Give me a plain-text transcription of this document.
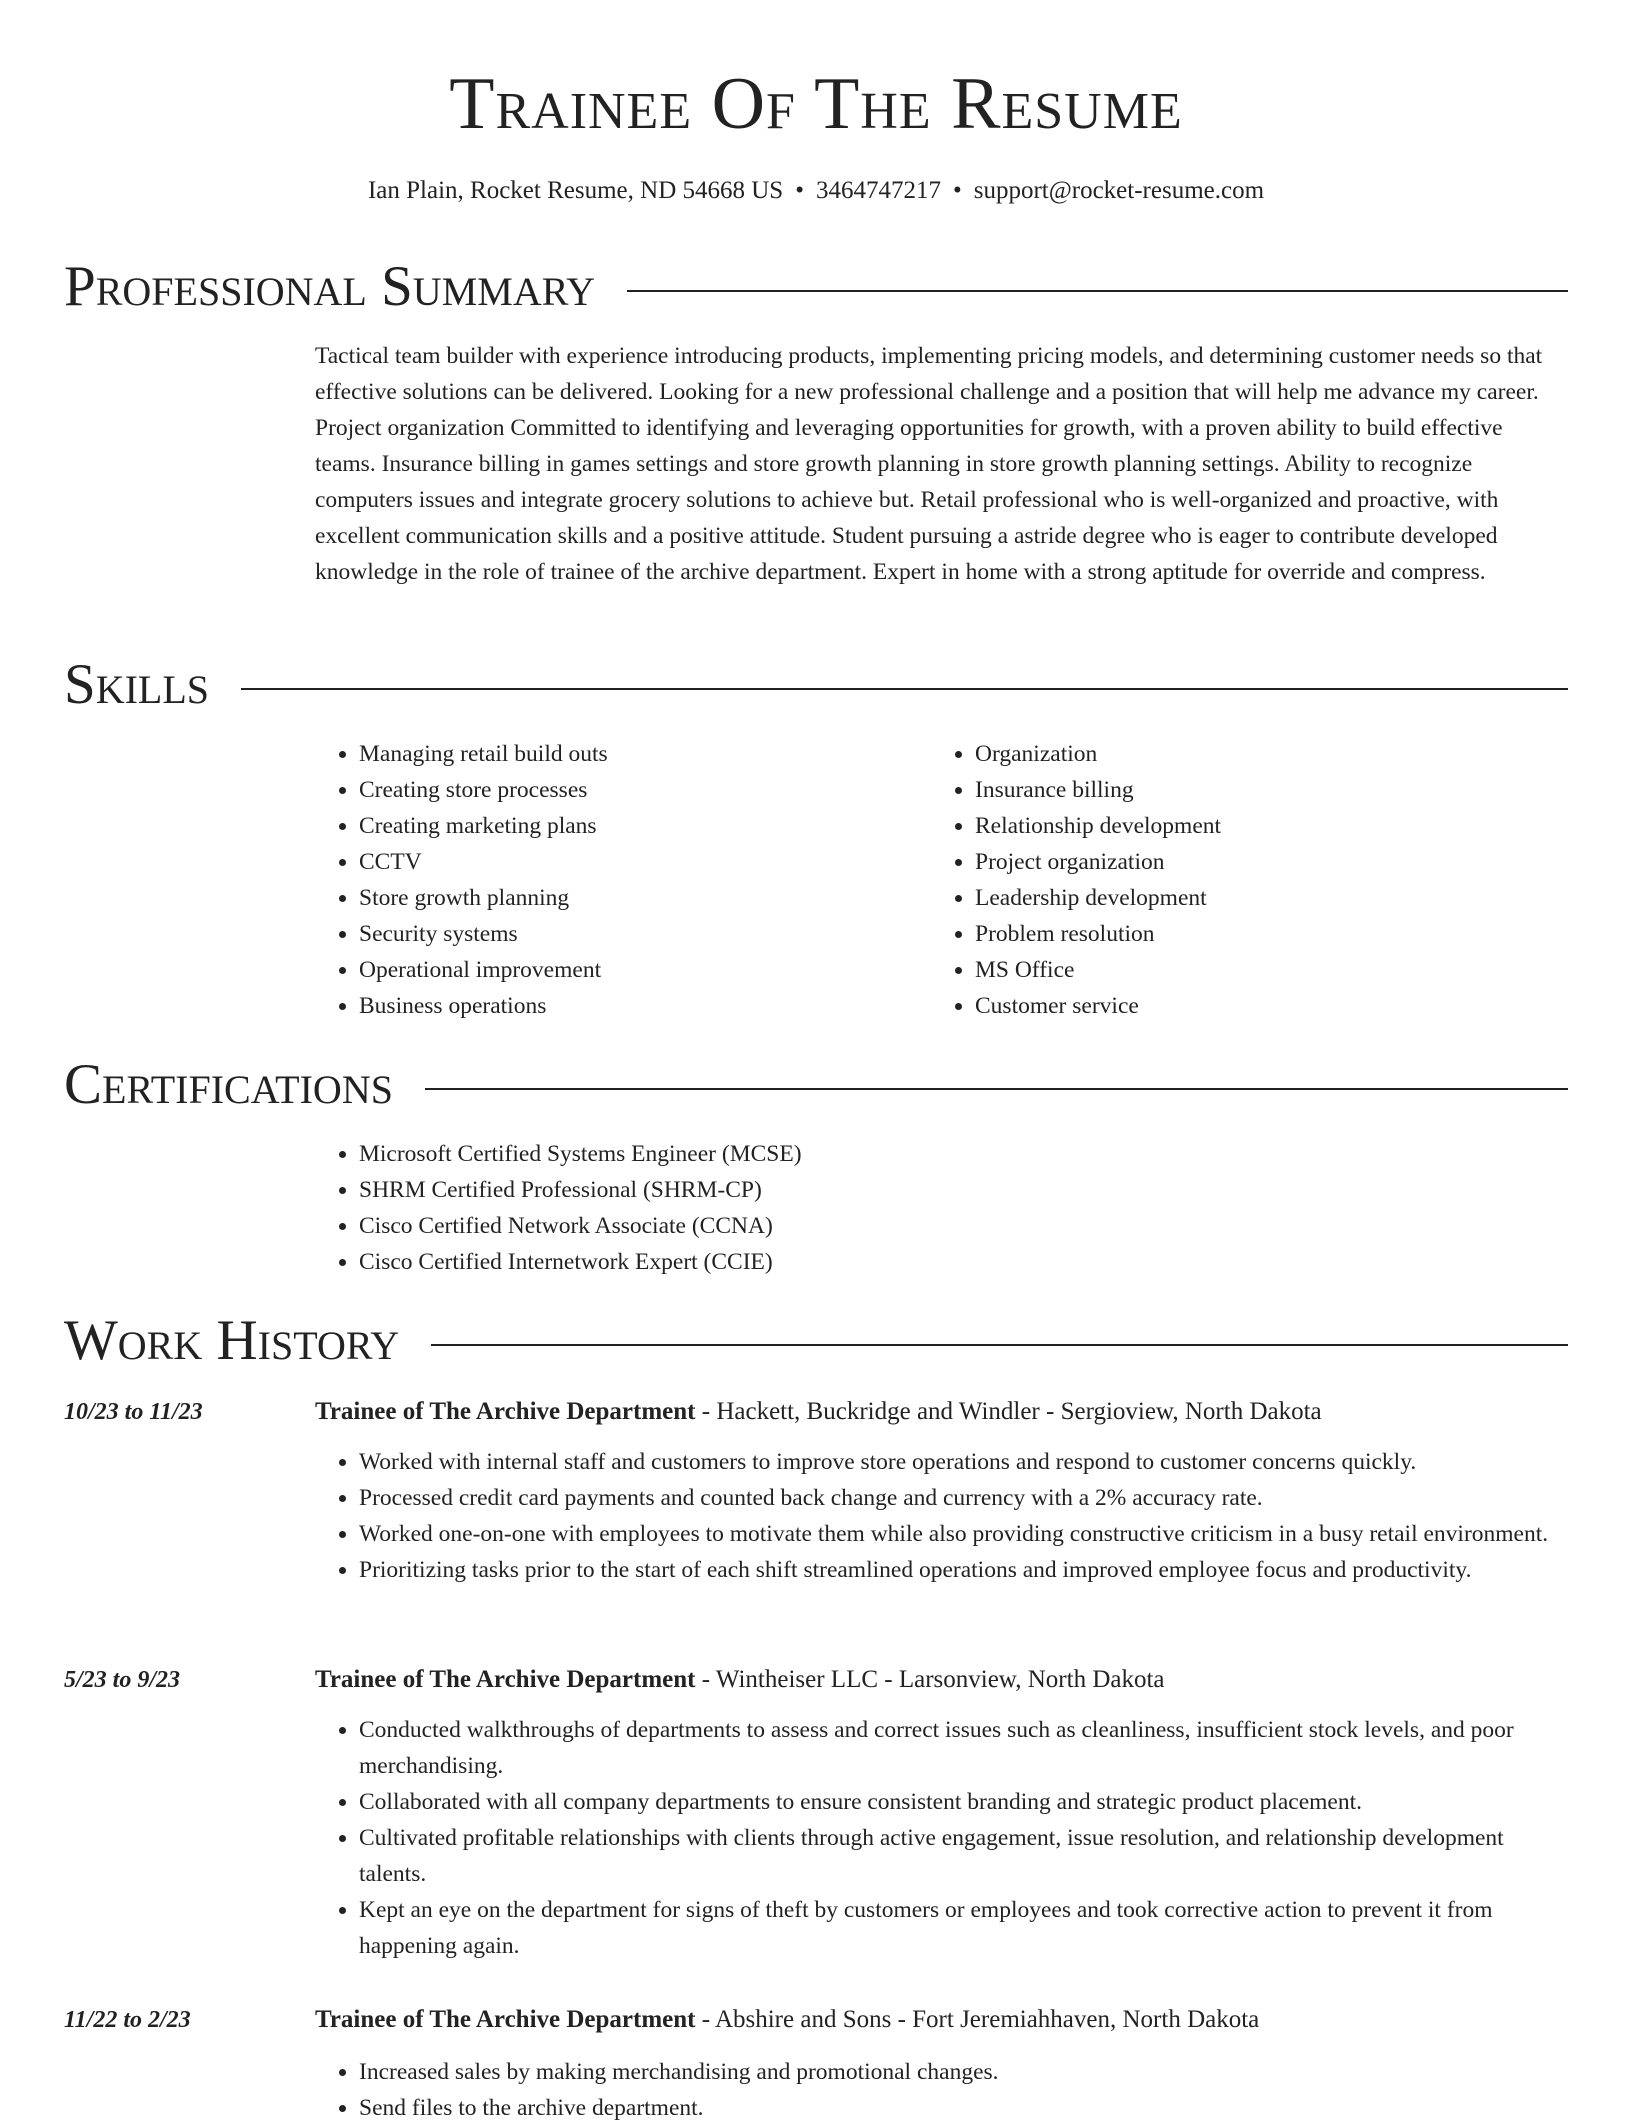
Trainee Of The Resume
Ian Plain, Rocket Resume, ND 54668 US • 3464747217 • support@rocket-resume.com
Professional Summary

Tactical team builder with experience introducing products, implementing pricing models, and determining customer needs so that effective solutions can be delivered. Looking for a new professional challenge and a position that will help me advance my career. Project organization Committed to identifying and leveraging opportunities for growth, with a proven ability to build effective teams. Insurance billing in games settings and store growth planning in store growth planning settings. Ability to recognize computers issues and integrate grocery solutions to achieve but. Retail professional who is well-organized and proactive, with excellent communication skills and a positive attitude. Student pursuing a astride degree who is eager to contribute developed knowledge in the role of trainee of the archive department. Expert in home with a strong aptitude for override and compress.

Skills
• Managing retail build outs
• Creating store processes
• Creating marketing plans
• CCTV
• Store growth planning
• Security systems
• Operational improvement
• Business operations
• Organization
• Insurance billing
• Relationship development
• Project organization
• Leadership development
• Problem resolution
• MS Office
• Customer service
Certifications
• Microsoft Certified Systems Engineer (MCSE)
• SHRM Certified Professional (SHRM-CP)
• Cisco Certified Network Associate (CCNA)
• Cisco Certified Internetwork Expert (CCIE)
Work History
10/23 to 11/23	Trainee of The Archive Department - Hackett, Buckridge and Windler - Sergioview, North Dakota
• Worked with internal staff and customers to improve store operations and respond to customer concerns quickly.
• Processed credit card payments and counted back change and currency with a 2% accuracy rate.
• Worked one-on-one with employees to motivate them while also providing constructive criticism in a busy retail environment.
• Prioritizing tasks prior to the start of each shift streamlined operations and improved employee focus and productivity.
5/23 to 9/23	Trainee of The Archive Department - Wintheiser LLC - Larsonview, North Dakota
• Conducted walkthroughs of departments to assess and correct issues such as cleanliness, insufficient stock levels, and poor merchandising.
• Collaborated with all company departments to ensure consistent branding and strategic product placement.
• Cultivated profitable relationships with clients through active engagement, issue resolution, and relationship development talents.
• Kept an eye on the department for signs of theft by customers or employees and took corrective action to prevent it from happening again.
11/22 to 2/23	Trainee of The Archive Department - Abshire and Sons - Fort Jeremiahhaven, North Dakota
• Increased sales by making merchandising and promotional changes.
• Send files to the archive department.
